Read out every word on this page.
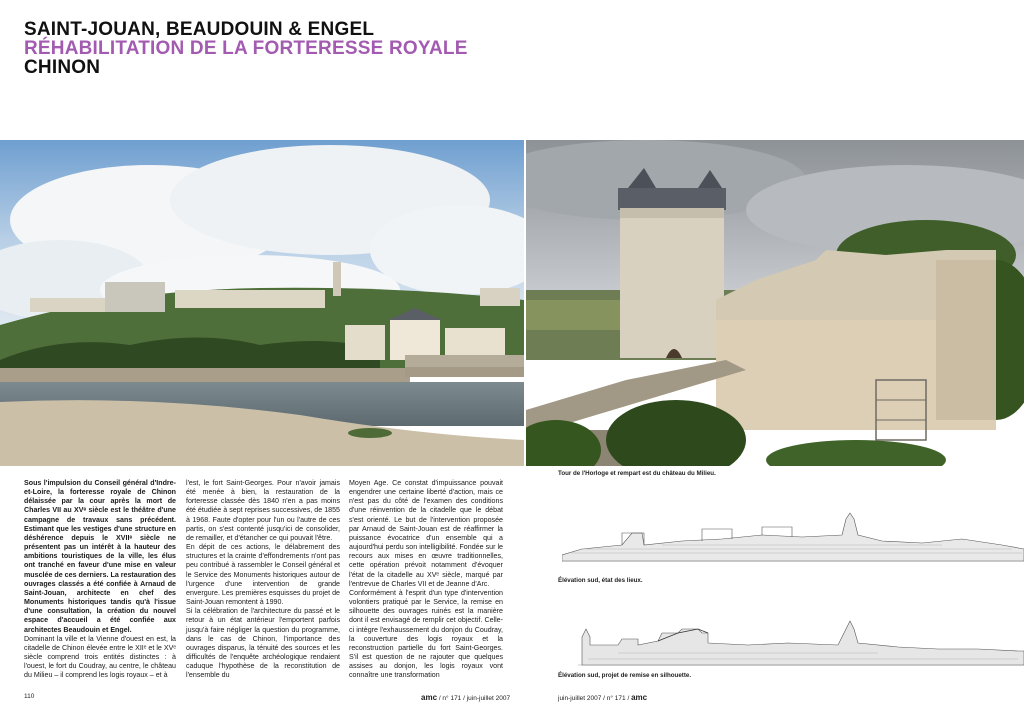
SAINT-JOUAN, BEAUDOUIN & ENGEL
RÉHABILITATION DE LA FORTERESSE ROYALE
CHINON
Tour de l'Horloge et rempart est du château du Milieu.
Élévation sud, état des lieux.
Élévation sud, projet de remise en silhouette.

Sous l'impulsion du Conseil général d'Indre-et-Loire, la forteresse royale de Chinon délaissée par la cour après la mort de Charles VII au XVᵉ siècle est le théâtre d'une campagne de travaux sans précédent. Estimant que les vestiges d'une structure en déshérence depuis le XVIIᵉ siècle ne présentent pas un intérêt à la hauteur des ambitions touristiques de la ville, les élus ont tranché en faveur d'une mise en valeur musclée de ces derniers. La restauration des ouvrages classés a été confiée à Arnaud de Saint-Jouan, architecte en chef des Monuments historiques tandis qu'à l'issue d'une consultation, la création du nouvel espace d'accueil a été confiée aux architectes Beaudouin et Engel.

Dominant la ville et la Vienne d'ouest en est, la citadelle de Chinon élevée entre le XIIᵉ et le XVᵉ siècle comprend trois entités distinctes : à l'ouest, le fort du Coudray, au centre, le château du Milieu – il comprend les logis royaux – et à

l'est, le fort Saint-Georges. Pour n'avoir jamais été menée à bien, la restauration de la forteresse classée dès 1840 n'en a pas moins été étudiée à sept reprises successives, de 1855 à 1968. Faute d'opter pour l'un ou l'autre de ces partis, on s'est contenté jusqu'ici de consolider, de remailler, et d'étancher ce qui pouvait l'être.

En dépit de ces actions, le délabrement des structures et la crainte d'effondrements n'ont pas peu contribué à rassembler le Conseil général et le Service des Monuments historiques autour de l'urgence d'une intervention de grande envergure. Les premières esquisses du projet de Saint-Jouan remontent à 1990.

Si la célébration de l'architecture du passé et le retour à un état antérieur l'emportent parfois jusqu'à faire négliger la question du programme, dans le cas de Chinon, l'importance des ouvrages disparus, la ténuité des sources et les difficultés de l'enquête archéologique rendaient caduque l'hypothèse de la reconstitution de l'ensemble du

Moyen Age. Ce constat d'impuissance pouvait engendrer une certaine liberté d'action, mais ce n'est pas du côté de l'examen des conditions d'une réinvention de la citadelle que le débat s'est orienté. Le but de l'intervention proposée par Arnaud de Saint-Jouan est de réaffirmer la puissance évocatrice d'un ensemble qui a aujourd'hui perdu son intelligibilité. Fondée sur le recours aux mises en œuvre traditionnelles, cette opération prévoit notamment d'évoquer l'état de la citadelle au XVᵉ siècle, marqué par l'entrevue de Charles VII et de Jeanne d'Arc.

Conformément à l'esprit d'un type d'intervention volontiers pratiqué par le Service, la remise en silhouette des ouvrages ruinés est la manière dont il est envisagé de remplir cet objectif. Celle-ci intègre l'exhaussement du donjon du Coudray, la couverture des logis royaux et la reconstruction partielle du fort Saint-Georges. S'il est question de ne rajouter que quelques assises au donjon, les logis royaux vont connaître une transformation

110	amc / n° 171 / juin-juillet 2007	juin-juillet 2007 / n° 171 / amc
